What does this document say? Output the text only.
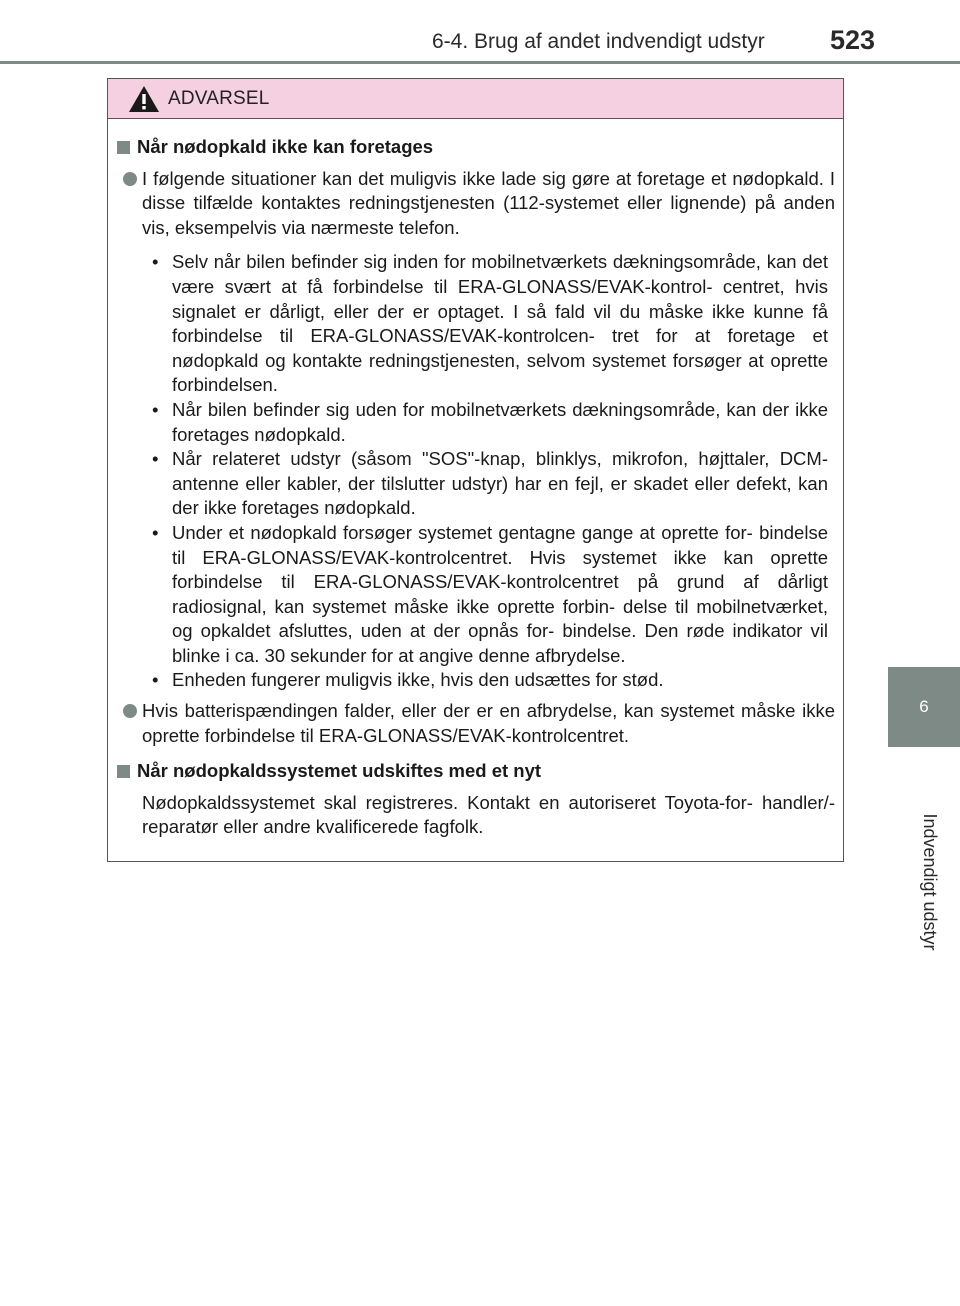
6-4. Brug af andet indvendigt udstyr 523
6
Indvendigt udstyr
ADVARSEL
Når nødopkald ikke kan foretages
I følgende situationer kan det muligvis ikke lade sig gøre at foretage et nødopkald. I disse tilfælde kontaktes redningstjenesten (112-systemet eller lignende) på anden vis, eksempelvis via nærmeste telefon.
• Selv når bilen befinder sig inden for mobilnetværkets dækningsområde, kan det være svært at få forbindelse til ERA-GLONASS/EVAK-kontrol- centret, hvis signalet er dårligt, eller der er optaget. I så fald vil du måske ikke kunne få forbindelse til ERA-GLONASS/EVAK-kontrolcen- tret for at foretage et nødopkald og kontakte redningstjenesten, selvom systemet forsøger at oprette forbindelsen.
• Når bilen befinder sig uden for mobilnetværkets dækningsområde, kan der ikke foretages nødopkald.
• Når relateret udstyr (såsom "SOS"-knap, blinklys, mikrofon, højttaler, DCM-antenne eller kabler, der tilslutter udstyr) har en fejl, er skadet eller defekt, kan der ikke foretages nødopkald.
• Under et nødopkald forsøger systemet gentagne gange at oprette for- bindelse til ERA-GLONASS/EVAK-kontrolcentret. Hvis systemet ikke kan oprette forbindelse til ERA-GLONASS/EVAK-kontrolcentret på grund af dårligt radiosignal, kan systemet måske ikke oprette forbin- delse til mobilnetværket, og opkaldet afsluttes, uden at der opnås for- bindelse. Den røde indikator vil blinke i ca. 30 sekunder for at angive denne afbrydelse.
• Enheden fungerer muligvis ikke, hvis den udsættes for stød.
Hvis batterispændingen falder, eller der er en afbrydelse, kan systemet måske ikke oprette forbindelse til ERA-GLONASS/EVAK-kontrolcentret.
Når nødopkaldssystemet udskiftes med et nyt
Nødopkaldssystemet skal registreres. Kontakt en autoriseret Toyota-for- handler/-reparatør eller andre kvalificerede fagfolk.
